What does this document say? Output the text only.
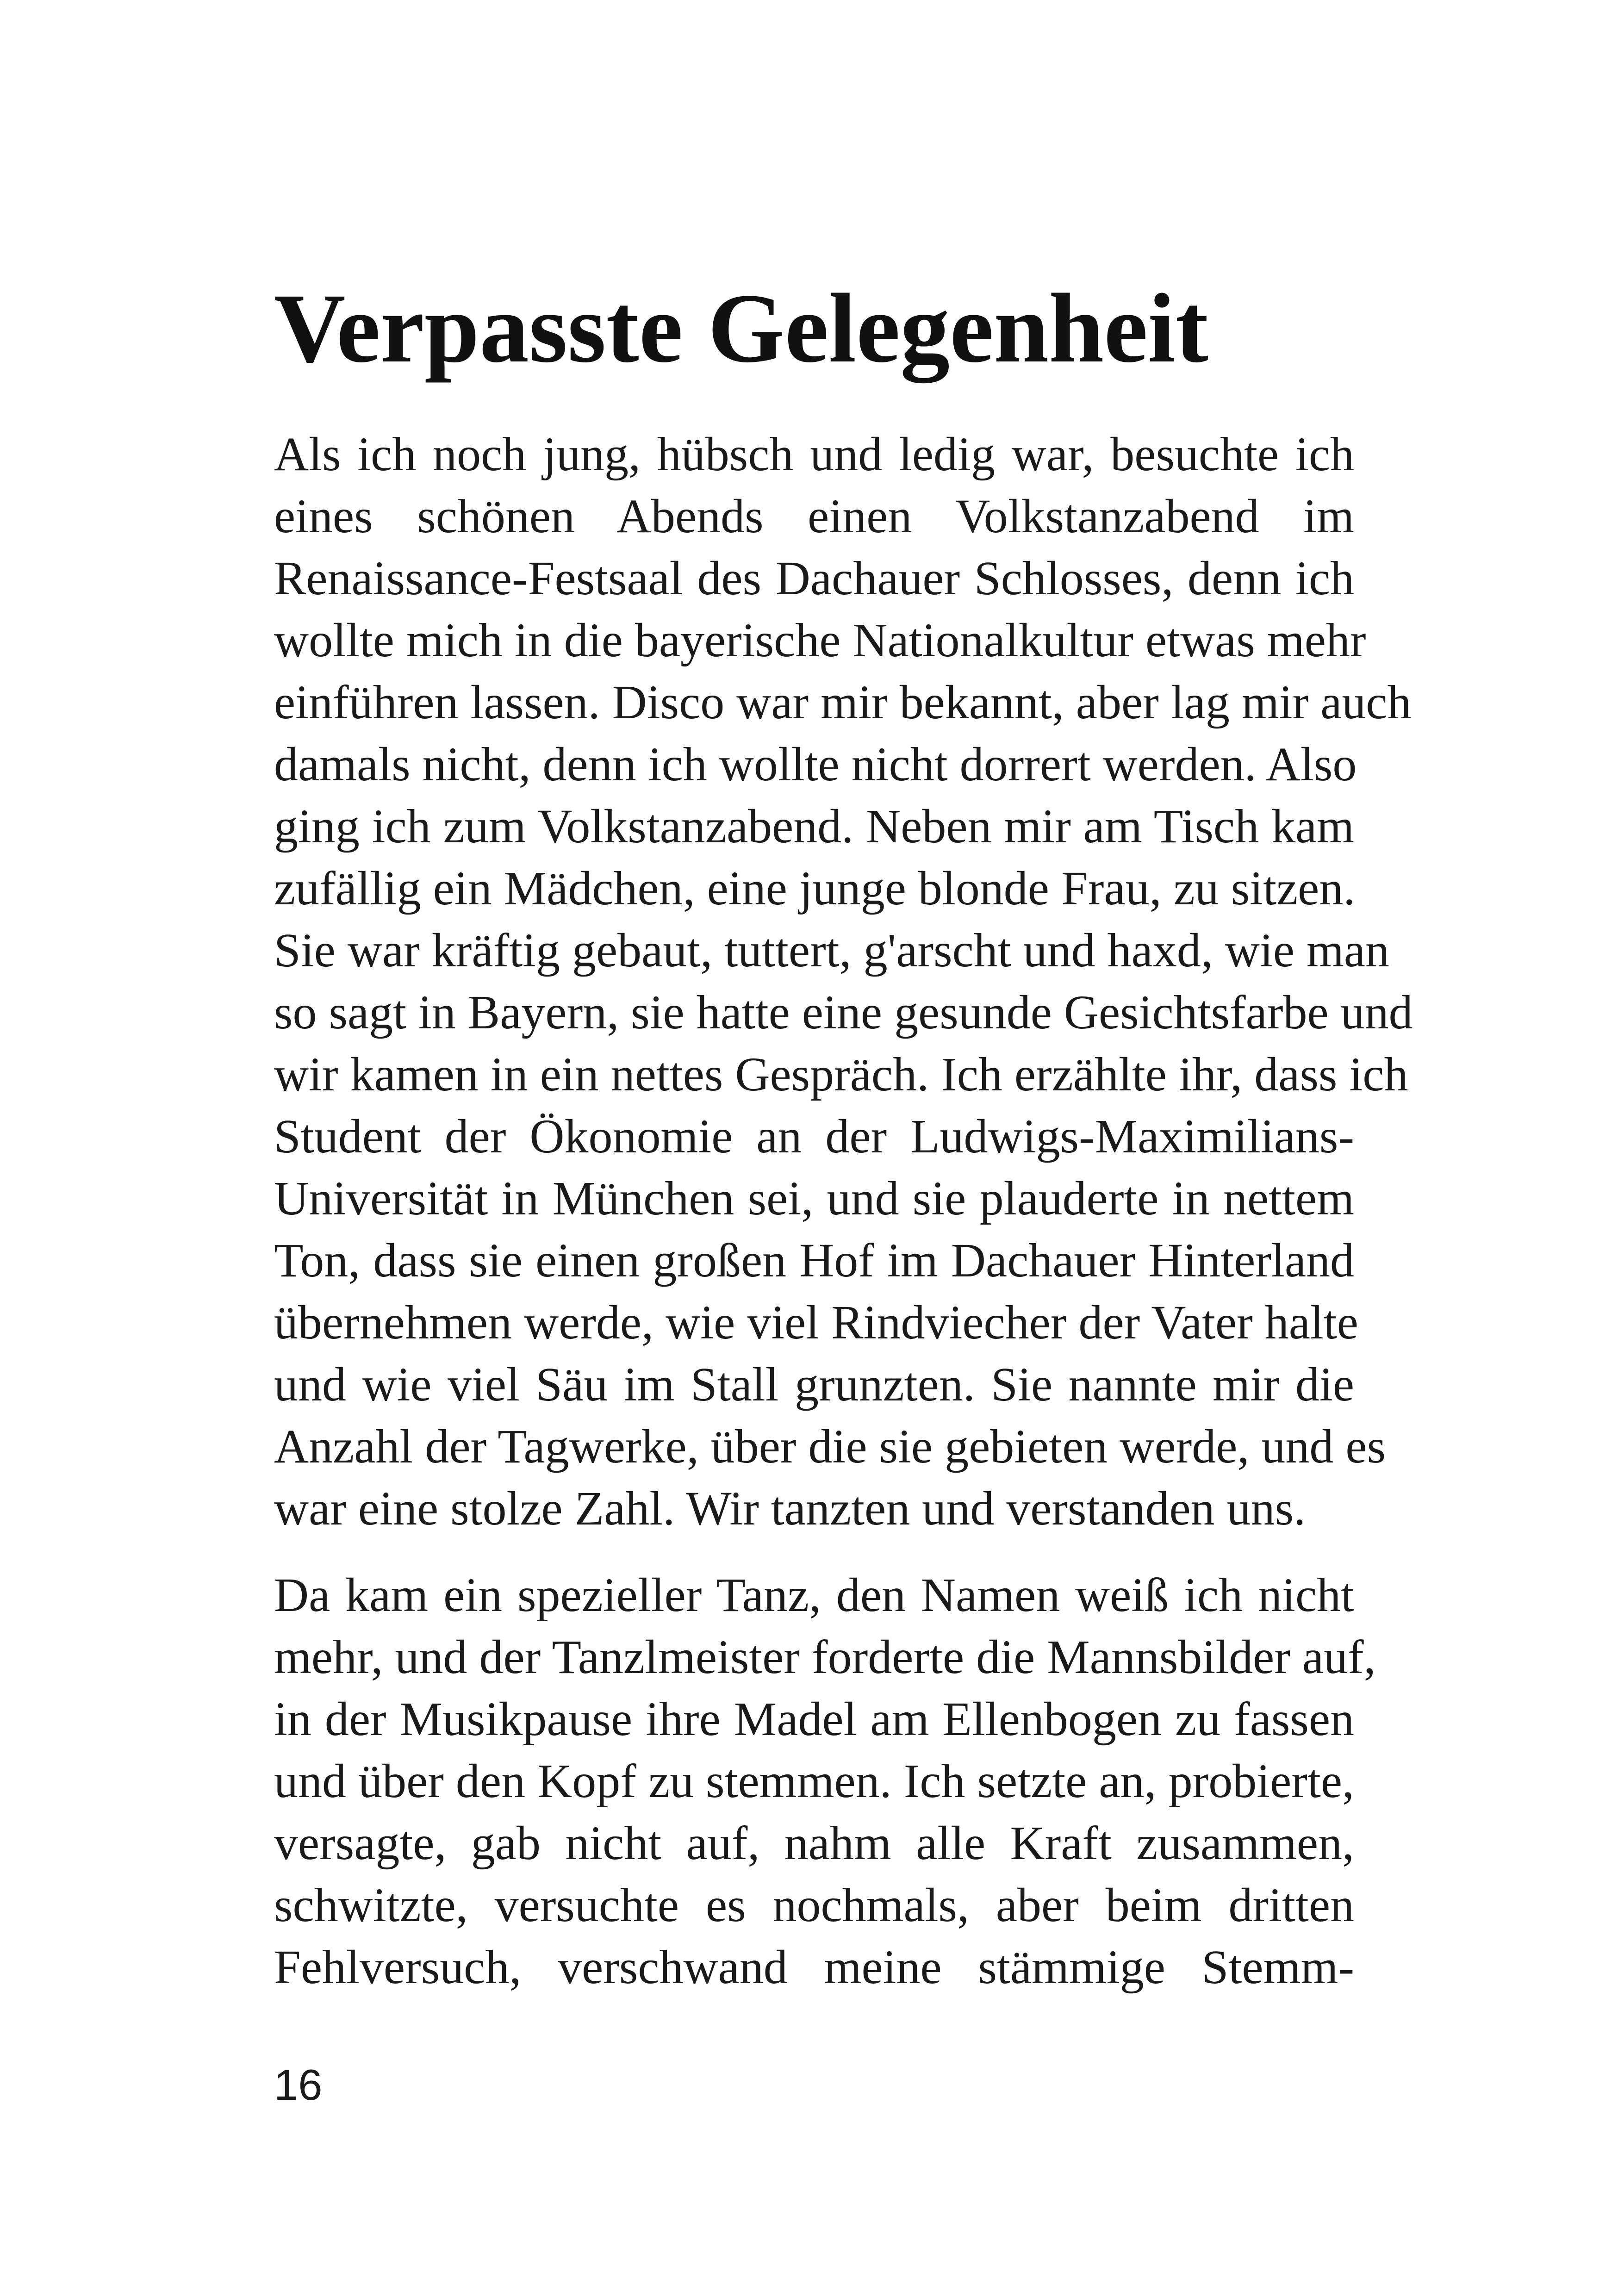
Verpasste Gelegenheit
Als ich noch jung, hübsch und ledig war, besuchte ich
eines schönen Abends einen Volkstanzabend im
Renaissance-Festsaal des Dachauer Schlosses, denn ich
wollte mich in die bayerische Nationalkultur etwas mehr
einführen lassen. Disco war mir bekannt, aber lag mir auch
damals nicht, denn ich wollte nicht dorrert werden. Also
ging ich zum Volkstanzabend. Neben mir am Tisch kam
zufällig ein Mädchen, eine junge blonde Frau, zu sitzen.
Sie war kräftig gebaut, tuttert, g'arscht und haxd, wie man
so sagt in Bayern, sie hatte eine gesunde Gesichtsfarbe und
wir kamen in ein nettes Gespräch. Ich erzählte ihr, dass ich
Student der Ökonomie an der Ludwigs-Maximilians-
Universität in München sei, und sie plauderte in nettem
Ton, dass sie einen großen Hof im Dachauer Hinterland
übernehmen werde, wie viel Rindviecher der Vater halte
und wie viel Säu im Stall grunzten. Sie nannte mir die
Anzahl der Tagwerke, über die sie gebieten werde, und es
war eine stolze Zahl. Wir tanzten und verstanden uns.
Da kam ein spezieller Tanz, den Namen weiß ich nicht
mehr, und der Tanzlmeister forderte die Mannsbilder auf,
in der Musikpause ihre Madel am Ellenbogen zu fassen
und über den Kopf zu stemmen. Ich setzte an, probierte,
versagte, gab nicht auf, nahm alle Kraft zusammen,
schwitzte, versuchte es nochmals, aber beim dritten
Fehlversuch, verschwand meine stämmige Stemm-
16
